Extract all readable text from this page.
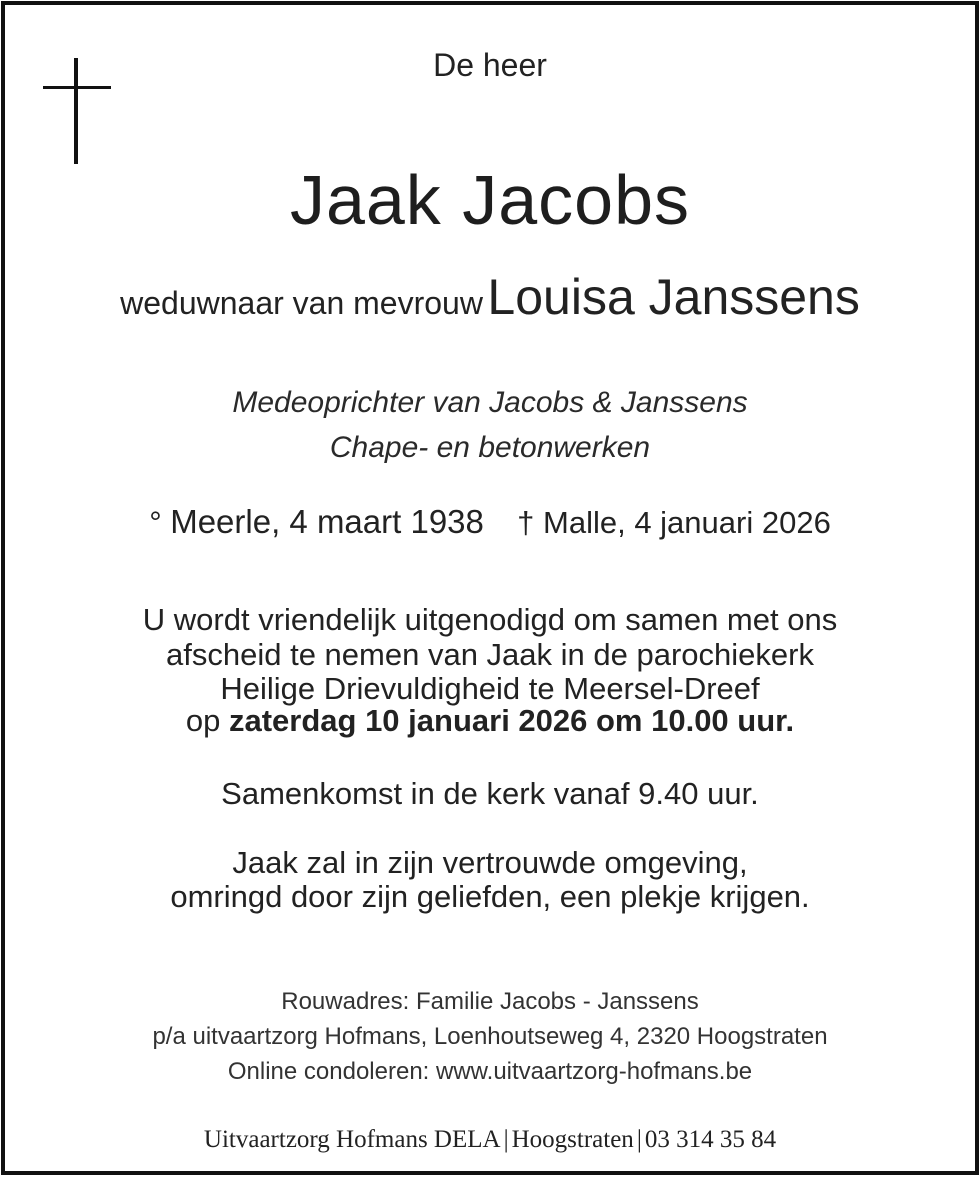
De heer
Jaak Jacobs
weduwnaar van mevrouw Louisa Janssens
Medeoprichter van Jacobs & Janssens
Chape- en betonwerken
° Meerle, 4 maart 1938 † Malle, 4 januari 2026
U wordt vriendelijk uitgenodigd om samen met ons
afscheid te nemen van Jaak in de parochiekerk
Heilige Drievuldigheid te Meersel-Dreef
op zaterdag 10 januari 2026 om 10.00 uur.
Samenkomst in de kerk vanaf 9.40 uur.
Jaak zal in zijn vertrouwde omgeving,
omringd door zijn geliefden, een plekje krijgen.
Rouwadres: Familie Jacobs - Janssens
p/a uitvaartzorg Hofmans, Loenhoutseweg 4, 2320 Hoogstraten
Online condoleren: www.uitvaartzorg-hofmans.be
Uitvaartzorg Hofmans DELA | Hoogstraten | 03 314 35 84
